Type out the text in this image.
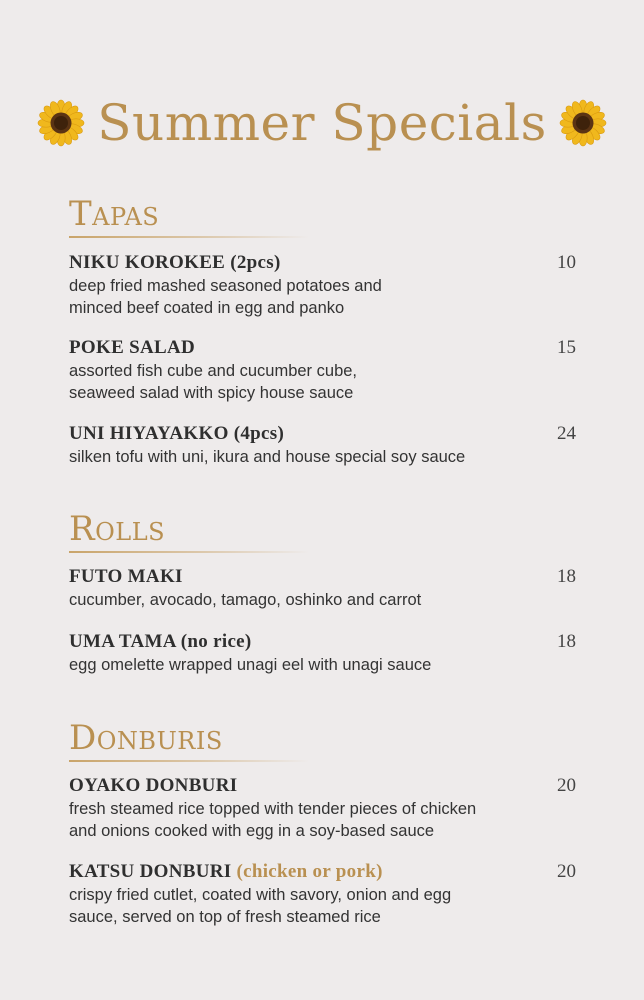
Summer Specials
Tapas
NIKU KOROKEE (2pcs)	10
deep fried mashed seasoned potatoes and
minced beef coated in egg and panko
POKE SALAD	15
assorted fish cube and cucumber cube,
seaweed salad with spicy house sauce
UNI HIYAYAKKO (4pcs)	24
silken tofu with uni, ikura and house special soy sauce
Rolls
FUTO MAKI	18
cucumber, avocado, tamago, oshinko and carrot
UMA TAMA (no rice)	18
egg omelette wrapped unagi eel with unagi sauce
Donburis
OYAKO DONBURI	20
fresh steamed rice topped with tender pieces of chicken
and onions cooked with egg in a soy-based sauce
KATSU DONBURI (chicken or pork)	20
crispy fried cutlet, coated with savory, onion and egg
sauce, served on top of fresh steamed rice
